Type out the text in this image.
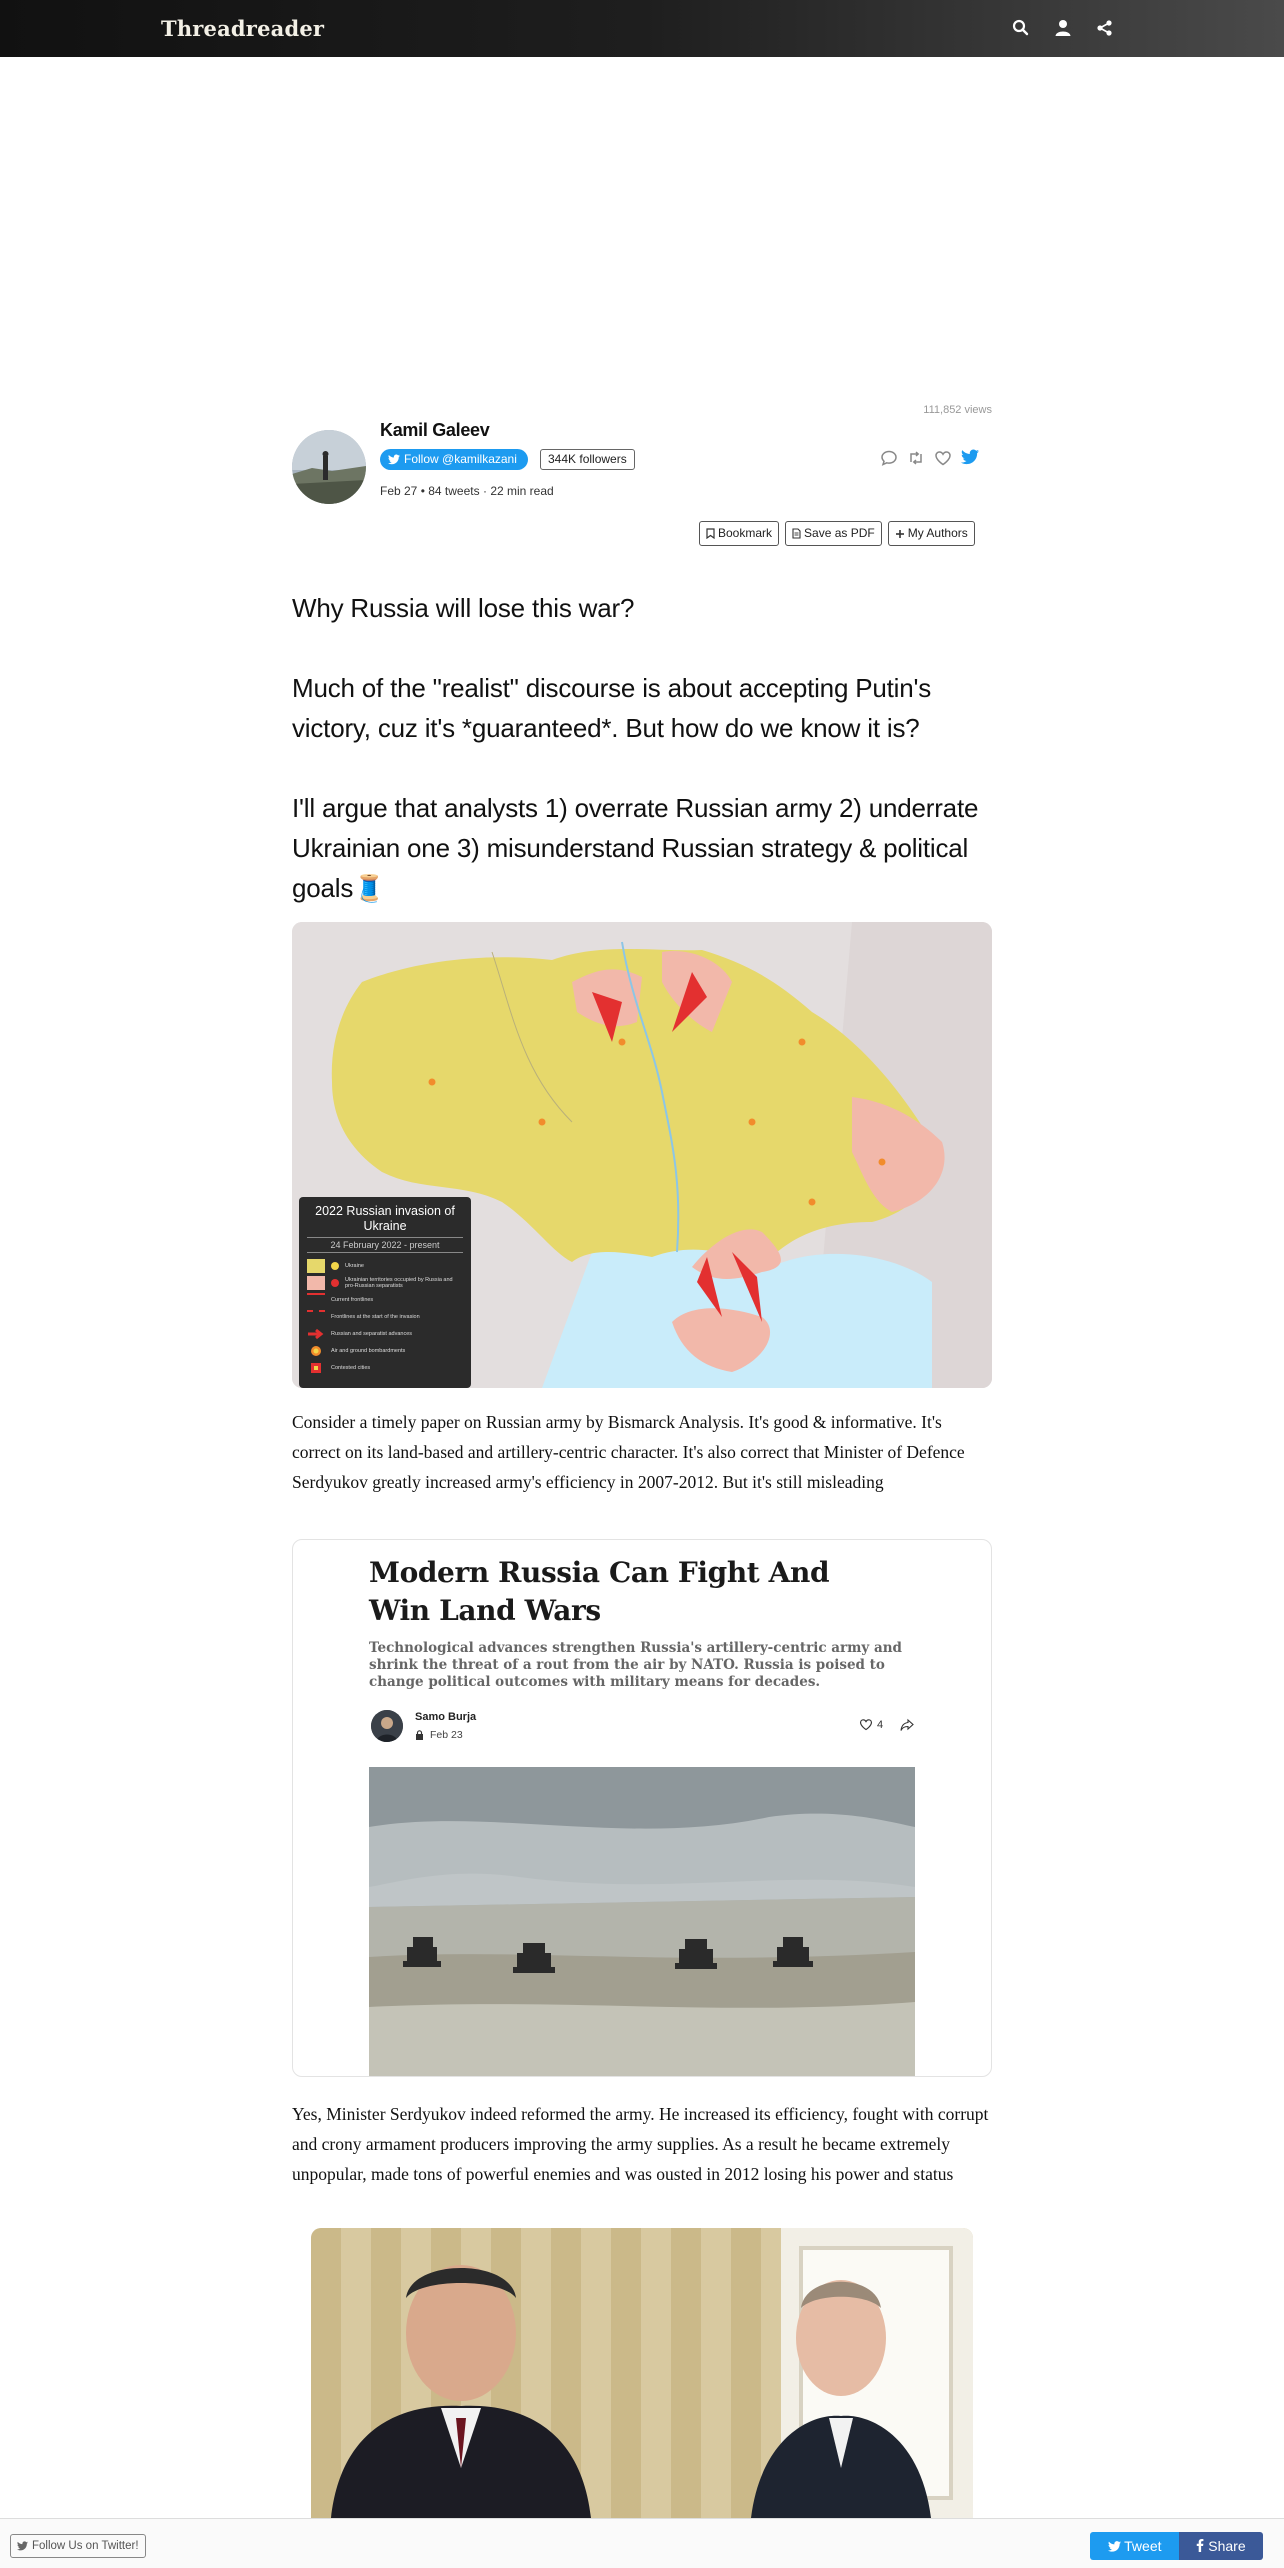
Threadreader
111,852 views
Kamil Galeev
Follow @kamilkazani	344K followers
Feb 27 • 84 tweets · 22 min read
Bookmark	Save as PDF	My Authors

Why Russia will lose this war?

Much of the "realist" discourse is about accepting Putin's victory, cuz it's *guaranteed*. But how do we know it is?

I'll argue that analysts 1) overrate Russian army 2) underrate Ukrainian one 3) misunderstand Russian strategy & political goals🧵

2022 Russian invasion of Ukraine
24 February 2022 - present
Ukraine
Ukrainian territories occupied by Russia and pro-Russian separatists
Current frontlines
Frontlines at the start of the invasion
Russian and separatist advances
Air and ground bombardments
Contested cities
Consider a timely paper on Russian army by Bismarck Analysis. It's good & informative. It's correct on its land-based and artillery-centric character. It's also correct that Minister of Defence Serdyukov greatly increased army's efficiency in 2007-2012. But it's still misleading
Modern Russia Can Fight And Win Land Wars
Technological advances strengthen Russia's artillery-centric army and shrink the threat of a rout from the air by NATO. Russia is poised to change political outcomes with military means for decades.
Samo Burja
Feb 23
4
Yes, Minister Serdyukov indeed reformed the army. He increased its efficiency, fought with corrupt and crony armament producers improving the army supplies. As a result he became extremely unpopular, made tons of powerful enemies and was ousted in 2012 losing his power and status
Follow Us on Twitter!	Tweet	Share
